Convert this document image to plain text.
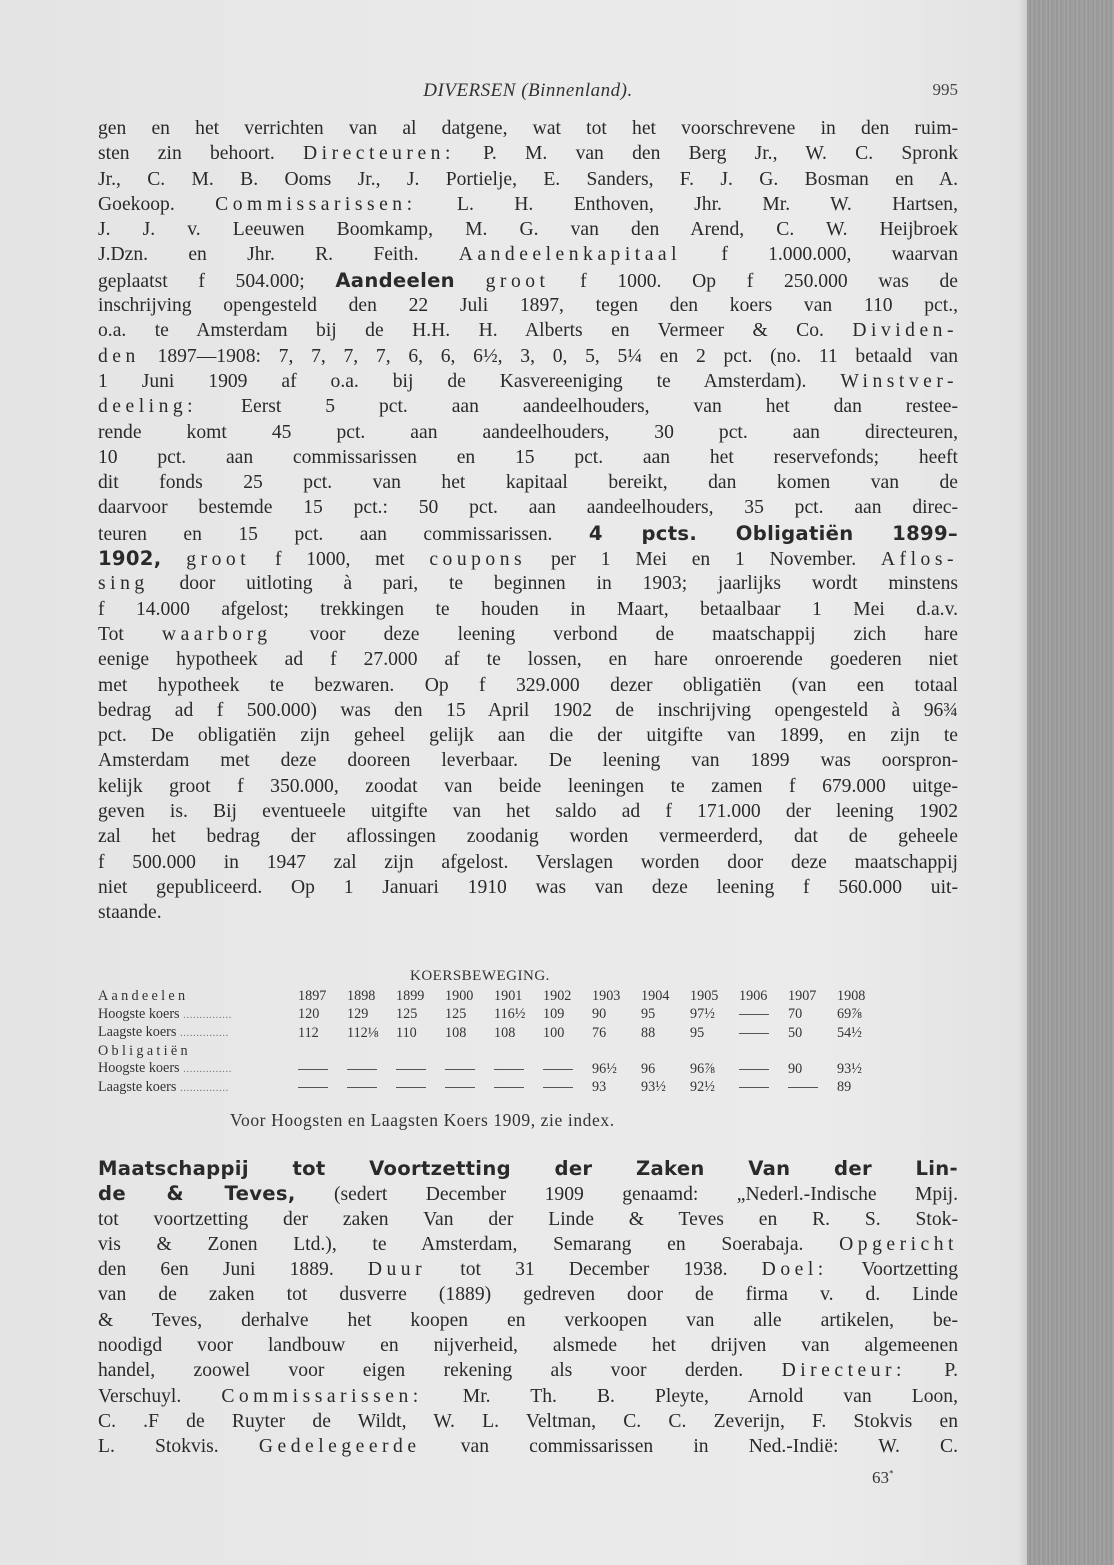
DIVERSEN (Binnenland).	995
gen en het verrichten van al datgene, wat tot het voorschrevene in den ruim-
sten zin behoort. Directeuren: P. M. van den Berg Jr., W. C. Spronk
Jr., C. M. B. Ooms Jr., J. Portielje, E. Sanders, F. J. G. Bosman en A.
Goekoop. Commissarissen: L. H. Enthoven, Jhr. Mr. W. Hartsen,
J. J. v. Leeuwen Boomkamp, M. G. van den Arend, C. W. Heijbroek
J.Dzn. en Jhr. R. Feith. Aandeelenkapitaal f 1.000.000, waarvan
geplaatst f 504.000; Aandeelen groot f 1000. Op f 250.000 was de
inschrijving opengesteld den 22 Juli 1897, tegen den koers van 110 pct.,
o.a. te Amsterdam bij de H.H. H. Alberts en Vermeer & Co. Dividen-
den 1897—1908: 7, 7, 7, 7, 6, 6, 6½, 3, 0, 5, 5¼ en 2 pct. (no. 11 betaald van
1 Juni 1909 af o.a. bij de Kasvereeniging te Amsterdam). Winstver-
deeling: Eerst 5 pct. aan aandeelhouders, van het dan restee-
rende komt 45 pct. aan aandeelhouders, 30 pct. aan directeuren,
10 pct. aan commissarissen en 15 pct. aan het reservefonds; heeft
dit fonds 25 pct. van het kapitaal bereikt, dan komen van de
daarvoor bestemde 15 pct.: 50 pct. aan aandeelhouders, 35 pct. aan direc-
teuren en 15 pct. aan commissarissen. 4 pcts. Obligatiën 1899–
1902, groot f 1000, met coupons per 1 Mei en 1 November. Aflos-
sing door uitloting à pari, te beginnen in 1903; jaarlijks wordt minstens
f 14.000 afgelost; trekkingen te houden in Maart, betaalbaar 1 Mei d.a.v.
Tot waarborg voor deze leening verbond de maatschappij zich hare
eenige hypotheek ad f 27.000 af te lossen, en hare onroerende goederen niet
met hypotheek te bezwaren. Op f 329.000 dezer obligatiën (van een totaal
bedrag ad f 500.000) was den 15 April 1902 de inschrijving opengesteld à 96¾
pct. De obligatiën zijn geheel gelijk aan die der uitgifte van 1899, en zijn te
Amsterdam met deze dooreen leverbaar. De leening van 1899 was oorspron-
kelijk groot f 350.000, zoodat van beide leeningen te zamen f 679.000 uitge-
geven is. Bij eventueele uitgifte van het saldo ad f 171.000 der leening 1902
zal het bedrag der aflossingen zoodanig worden vermeerderd, dat de geheele
f 500.000 in 1947 zal zijn afgelost. Verslagen worden door deze maatschappij
niet gepubliceerd. Op 1 Januari 1910 was van deze leening f 560.000 uit-
staande.
KOERSBEWEGING.
Aandeelen	1897	1898	1899	1900	1901	1902	1903	1904	1905	1906	1907	1908
Hoogste koers ...............	120	129	125	125	116½	109	90	95	97½		70	69⅞
Laagste koers ...............	112	112⅛	110	108	108	100	76	88	95		50	54½
Obligatiën												
Hoogste koers ...............							96½	96	96⅞		90	93½
Laagste koers ...............							93	93½	92½			89
Voor Hoogsten en Laagsten Koers 1909, zie index.
Maatschappij tot Voortzetting der Zaken Van der Lin-
de & Teves, (sedert December 1909 genaamd: „Nederl.-Indische Mpij.
tot voortzetting der zaken Van der Linde & Teves en R. S. Stok-
vis & Zonen Ltd.), te Amsterdam, Semarang en Soerabaja. Opgericht
den 6en Juni 1889. Duur tot 31 December 1938. Doel: Voortzetting
van de zaken tot dusverre (1889) gedreven door de firma v. d. Linde
& Teves, derhalve het koopen en verkoopen van alle artikelen, be-
noodigd voor landbouw en nijverheid, alsmede het drijven van algemeenen
handel, zoowel voor eigen rekening als voor derden. Directeur: P.
Verschuyl. Commissarissen: Mr. Th. B. Pleyte, Arnold van Loon,
C. .F de Ruyter de Wildt, W. L. Veltman, C. C. Zeverijn, F. Stokvis en
L. Stokvis. Gedelegeerde van commissarissen in Ned.-Indië: W. C.
63*
